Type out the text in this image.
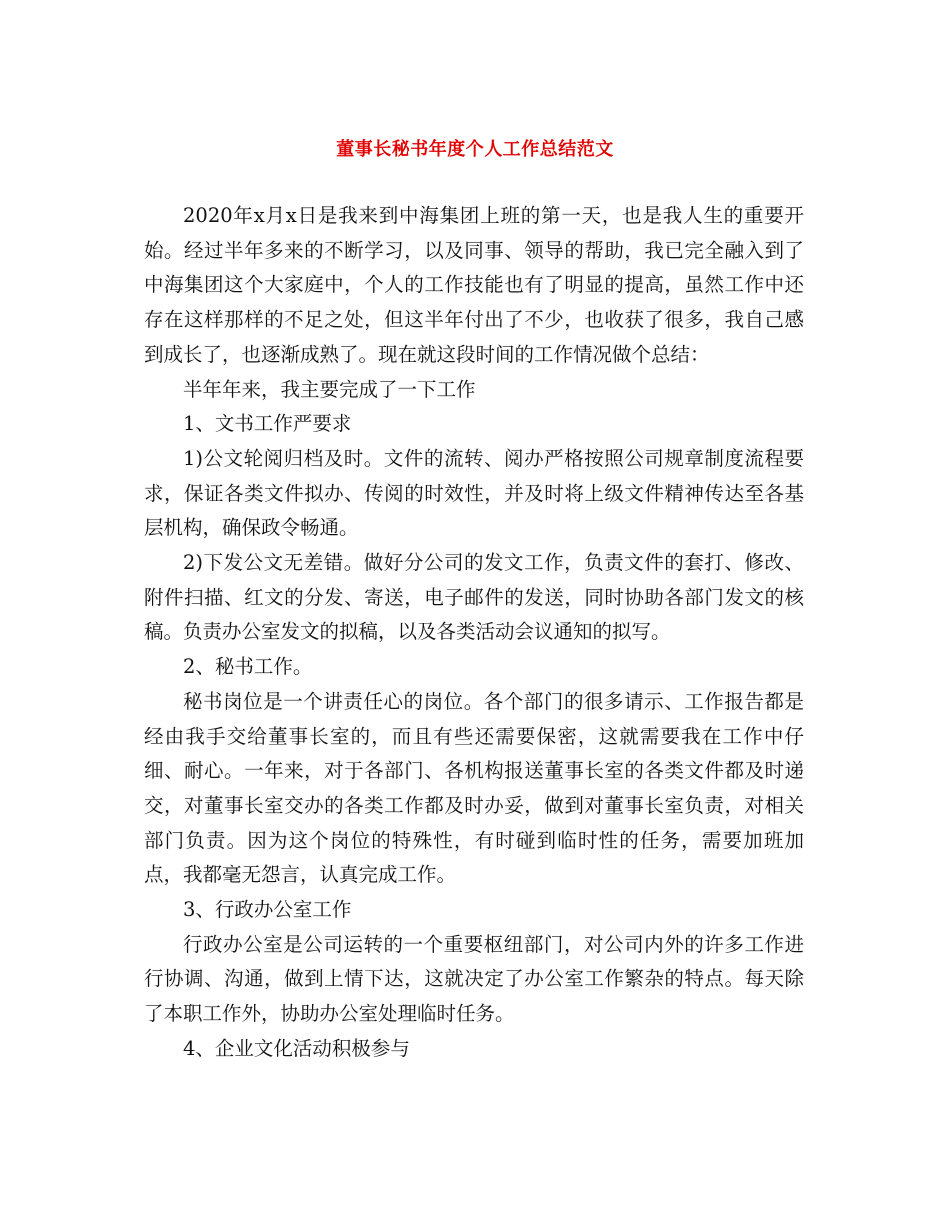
董事长秘书年度个人工作总结范文

2020年x月x日是我来到中海集团上班的第一天，也是我人生的重要开始。经过半年多来的不断学习，以及同事、领导的帮助，我已完全融入到了中海集团这个大家庭中，个人的工作技能也有了明显的提高，虽然工作中还存在这样那样的不足之处，但这半年付出了不少，也收获了很多，我自己感到成长了，也逐渐成熟了。现在就这段时间的工作情况做个总结：

半年年来，我主要完成了一下工作

1、文书工作严要求

1)公文轮阅归档及时。文件的流转、阅办严格按照公司规章制度流程要求，保证各类文件拟办、传阅的时效性，并及时将上级文件精神传达至各基层机构，确保政令畅通。

2)下发公文无差错。做好分公司的发文工作，负责文件的套打、修改、附件扫描、红文的分发、寄送，电子邮件的发送，同时协助各部门发文的核稿。负责办公室发文的拟稿，以及各类活动会议通知的拟写。

2、秘书工作。

秘书岗位是一个讲责任心的岗位。各个部门的很多请示、工作报告都是经由我手交给董事长室的，而且有些还需要保密，这就需要我在工作中仔细、耐心。一年来，对于各部门、各机构报送董事长室的各类文件都及时递交，对董事长室交办的各类工作都及时办妥，做到对董事长室负责，对相关部门负责。因为这个岗位的特殊性，有时碰到临时性的任务，需要加班加点，我都毫无怨言，认真完成工作。

3、行政办公室工作

行政办公室是公司运转的一个重要枢纽部门，对公司内外的许多工作进行协调、沟通，做到上情下达，这就决定了办公室工作繁杂的特点。每天除了本职工作外，协助办公室处理临时任务。

4、企业文化活动积极参与
